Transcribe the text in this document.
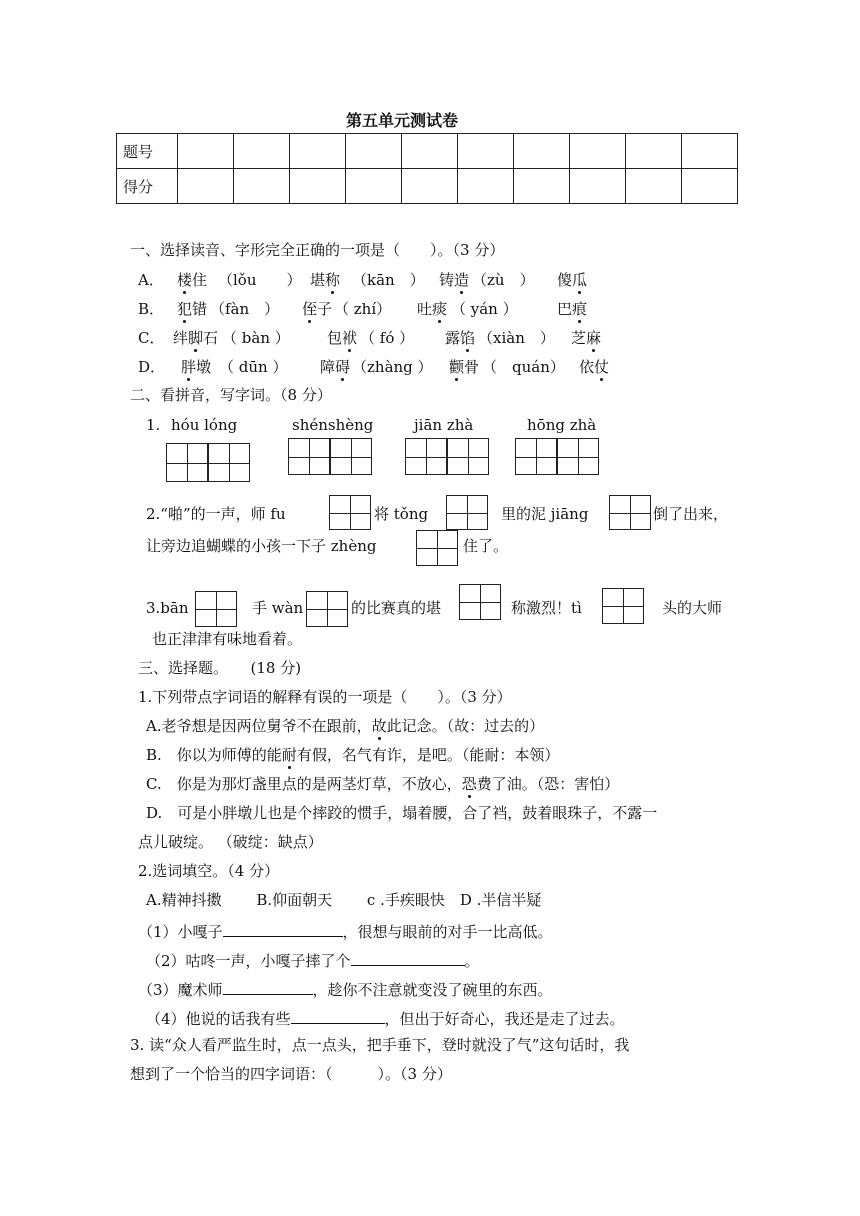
第五单元测试卷
题号										
得分										
一、选择读音、字形完全正确的一项是（　　）。（3 分）
A． 楼住 （lǒu　　） 堪称 （kān　） 铸造 （zù　） 傻瓜
B． 犯错 （fàn　） 侄子 （ zhí） 吐痰 （ yán ）	巴痕
C． 绊脚石 （ bàn ） 包袱 （ fó ） 露馅 （xiàn　） 芝麻
D． 胖墩 （ dūn ） 障碍 （zhàng ） 颧骨 （　quán） 依仗
二、看拼音，写字词。（8 分）
1. hóu lóng	shénshèng	jiān zhà	hōng zhà
2.“啪”的一声，师 fu	将 tǒng	里的泥 jiāng	倒了出来，
让旁边追蝴蝶的小孩一下子 zhèng	住了。
3.bān	手 wàn	的比赛真的堪	称激烈！tì	头的大师
也正津津有味地看着。
三、选择题。　　(18 分)
1.下列带点字词语的解释有误的一项是（　　）。（3 分）
A.老爷想是因两位舅爷不在跟前，故此记念。（故：过去的）
B.　你以为师傅的能耐有假，名气有诈，是吧。（能耐：本领）
C.　你是为那灯盏里点的是两茎灯草，不放心，恐费了油。（恐：害怕）
D.　可是小胖墩儿也是个摔跤的惯手，塌着腰，合了裆，鼓着眼珠子，不露一
点儿破绽。 （破绽：缺点）
2.选词填空。（4 分）
A.精神抖擞　　 B.仰面朝天　　 c .手疾眼快　D .半信半疑
（1）小嘎子	，很想与眼前的对手一比高低。
（2）咕咚一声，小嘎子摔了个	。
（3）魔术师	，趁你不注意就变没了碗里的东西。
（4）他说的话我有些	，但出于好奇心，我还是走了过去。
3. 读“众人看严监生时，点一点头，把手垂下，登时就没了气”这句话时，我
想到了一个恰当的四字词语：（　　　）。（3 分）
